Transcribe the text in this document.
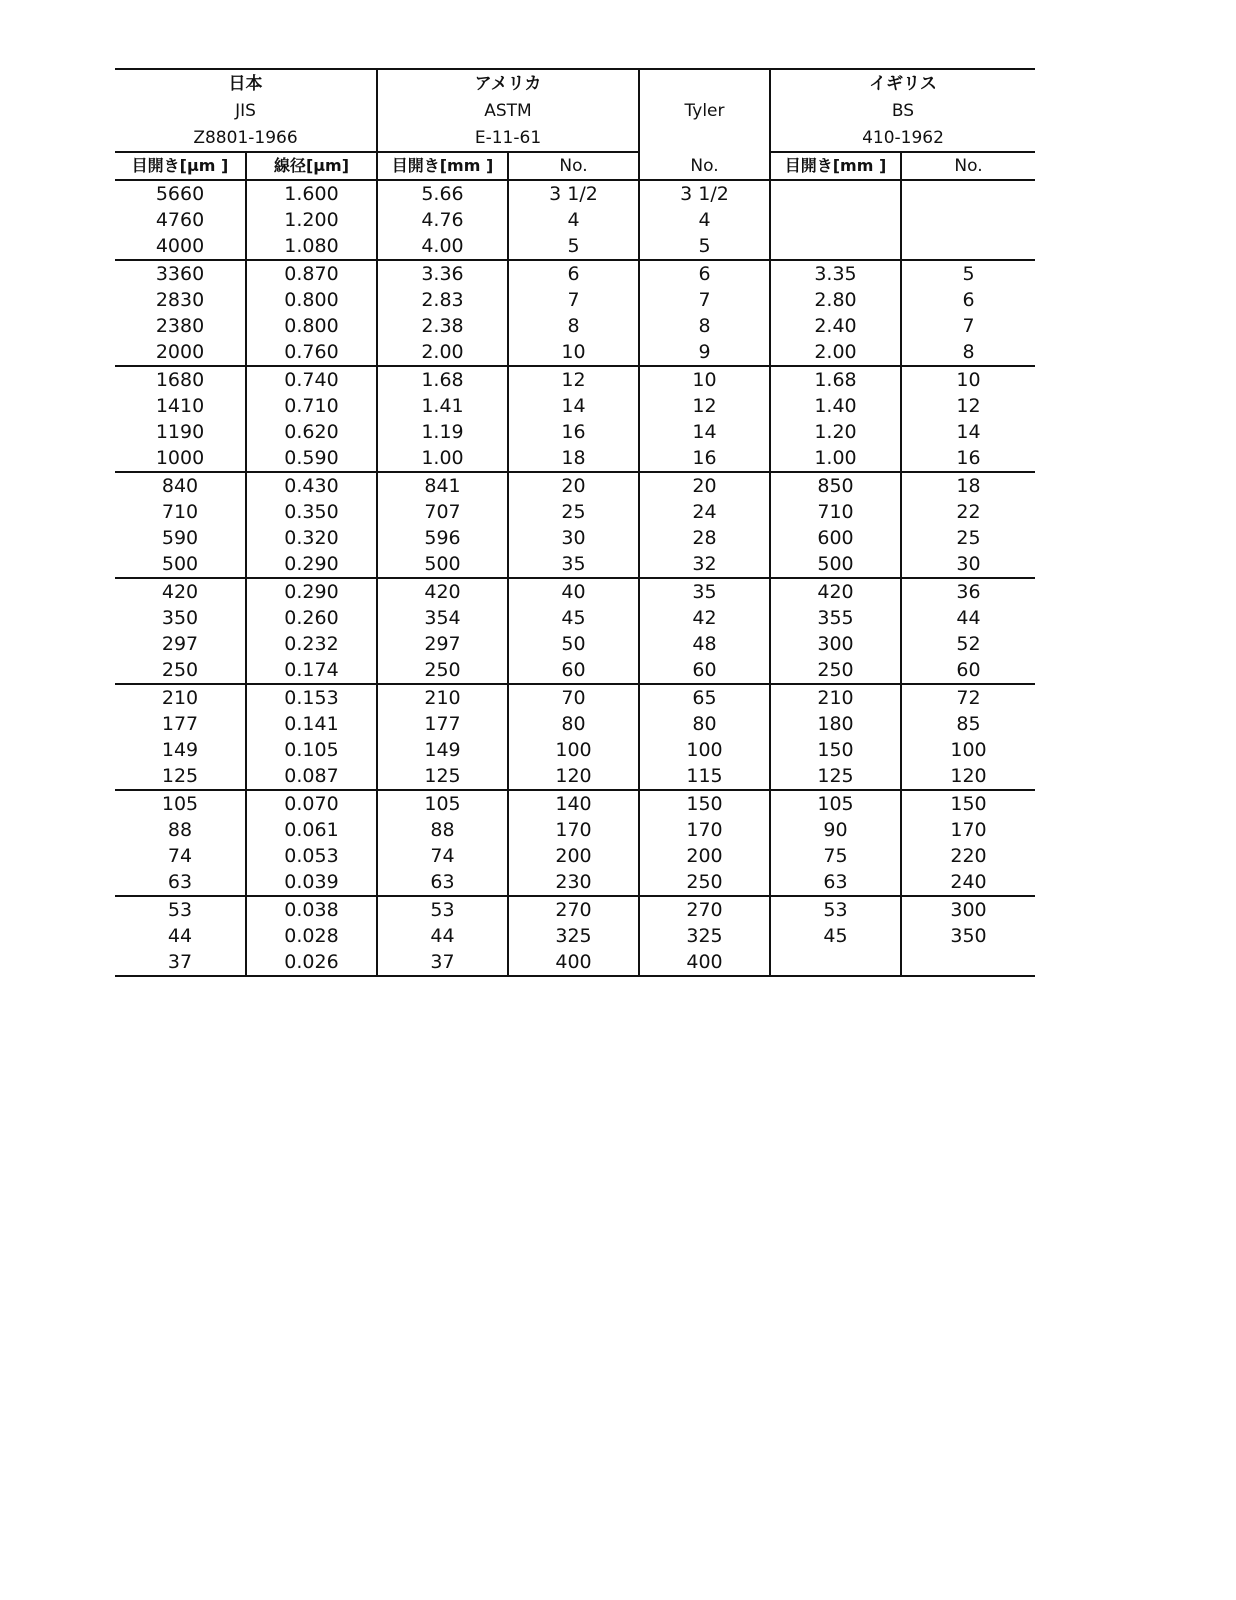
日本		アメリカ		Tyler	イギリス	
JIS		ASTM			BS	
Z8801-1966		E-11-61			410-1962	
目開き[μm ]	線径[μm]	目開き[mm ]	No.	No.	目開き[mm ]	No.
5660	1.600	5.66	3 1/2	3 1/2		
4760	1.200	4.76	4	4		
4000	1.080	4.00	5	5		
3360	0.870	3.36	6	6	3.35	5
2830	0.800	2.83	7	7	2.80	6
2380	0.800	2.38	8	8	2.40	7
2000	0.760	2.00	10	9	2.00	8
1680	0.740	1.68	12	10	1.68	10
1410	0.710	1.41	14	12	1.40	12
1190	0.620	1.19	16	14	1.20	14
1000	0.590	1.00	18	16	1.00	16
840	0.430	841	20	20	850	18
710	0.350	707	25	24	710	22
590	0.320	596	30	28	600	25
500	0.290	500	35	32	500	30
420	0.290	420	40	35	420	36
350	0.260	354	45	42	355	44
297	0.232	297	50	48	300	52
250	0.174	250	60	60	250	60
210	0.153	210	70	65	210	72
177	0.141	177	80	80	180	85
149	0.105	149	100	100	150	100
125	0.087	125	120	115	125	120
105	0.070	105	140	150	105	150
88	0.061	88	170	170	90	170
74	0.053	74	200	200	75	220
63	0.039	63	230	250	63	240
53	0.038	53	270	270	53	300
44	0.028	44	325	325	45	350
37	0.026	37	400	400		
